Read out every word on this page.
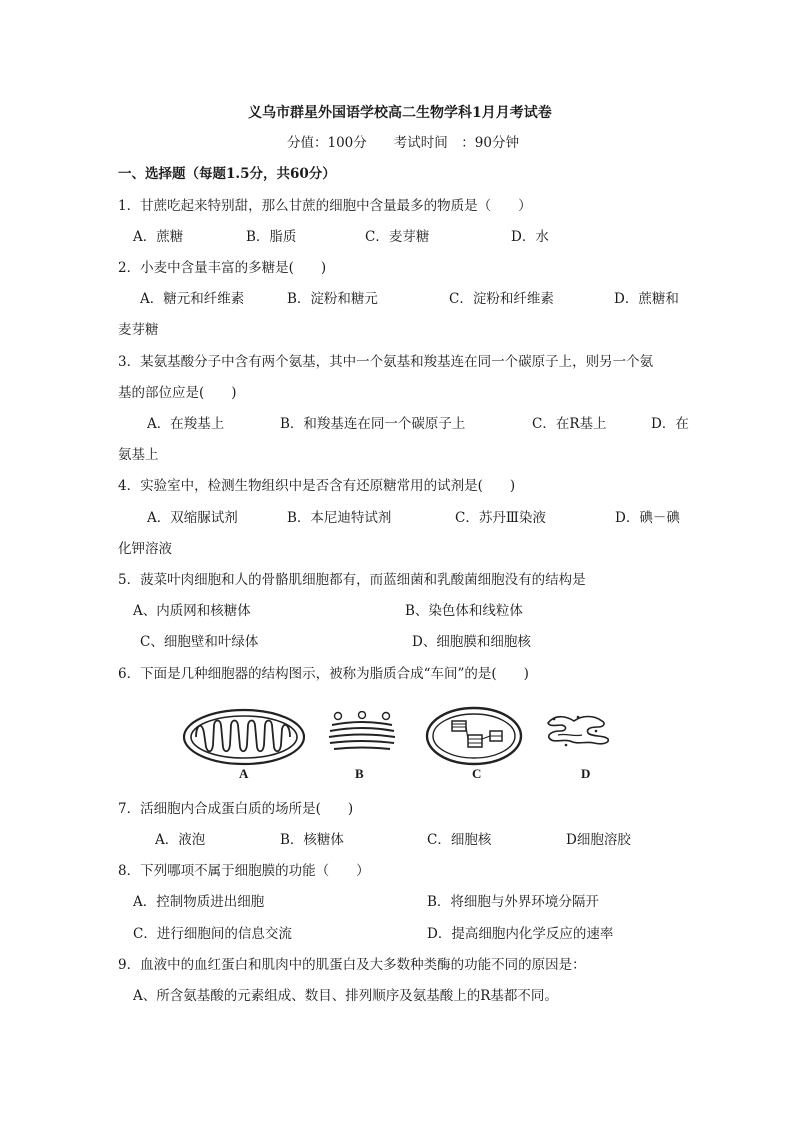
义乌市群星外国语学校高二生物学科1月月考试卷
分值：100分　　考试时间　：90分钟
一、选择题（每题1.5分，共60分）
1．甘蔗吃起来特别甜，那么甘蔗的细胞中含量最多的物质是（　　）
A．蔗糖	B．脂质	C．麦芽糖	D．水
2．小麦中含量丰富的多糖是(　　)
A．糖元和纤维素	B．淀粉和糖元	C．淀粉和纤维素	D．蔗糖和
麦芽糖
3．某氨基酸分子中含有两个氨基，其中一个氨基和羧基连在同一个碳原子上，则另一个氨
基的部位应是(　　)
A．在羧基上	B．和羧基连在同一个碳原子上	C．在R基上	D．在
氨基上
4．实验室中，检测生物组织中是否含有还原糖常用的试剂是(　　)
A．双缩脲试剂	B．本尼迪特试剂	C．苏丹Ⅲ染液	D．碘－碘
化钾溶液
5．菠菜叶肉细胞和人的骨骼肌细胞都有，而蓝细菌和乳酸菌细胞没有的结构是
A、内质网和核糖体	B、染色体和线粒体
C、细胞壁和叶绿体	D、细胞膜和细胞核
6．下面是几种细胞器的结构图示，被称为脂质合成“车间”的是(　　)
A	B	C	D
7．活细胞内合成蛋白质的场所是(　　)
A．液泡	B．核糖体	C．细胞核	D细胞溶胶
8．下列哪项不属于细胞膜的功能（　　）
A．控制物质进出细胞	B．将细胞与外界环境分隔开
C．进行细胞间的信息交流	D．提高细胞内化学反应的速率
9．血液中的血红蛋白和肌肉中的肌蛋白及大多数种类酶的功能不同的原因是：
A、所含氨基酸的元素组成、数目、排列顺序及氨基酸上的R基都不同。
